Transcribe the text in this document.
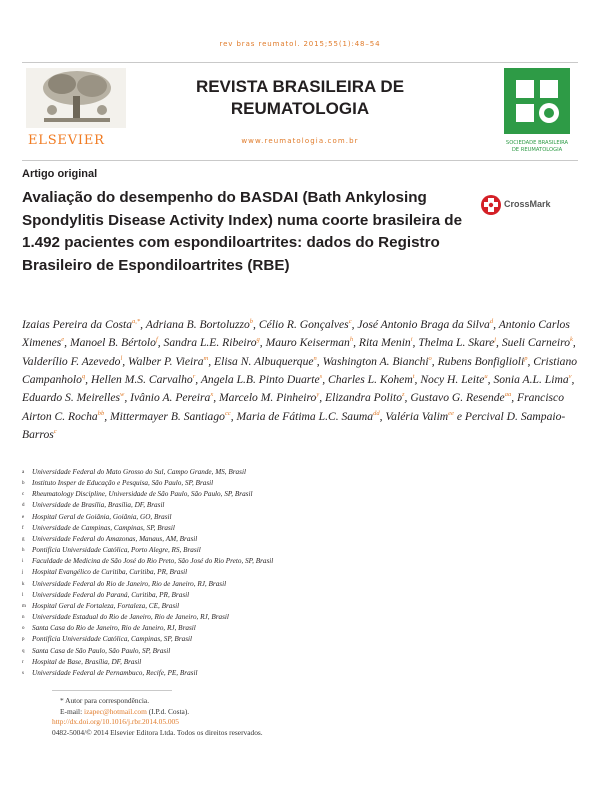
rev bras reumatol. 2015;55(1):48–54
ELSEVIER
REVISTA BRASILEIRA DE REUMATOLOGIA
www.reumatologia.com.br	SOCIEDADE BRASILEIRA
DE REUMATOLOGIA
Artigo original
Avaliação do desempenho do BASDAI (Bath Ankylosing Spondylitis Disease Activity Index) numa coorte brasileira de 1.492 pacientes com espondiloartrites: dados do Registro Brasileiro de Espondiloartrites (RBE)
CrossMark
Izaias Pereira da Costa$^{a,*}$, Adriana B. Bortoluzzo$^b$, Célio R. Gonçalves$^c$, José Antonio Braga da Silva$^d$, Antonio Carlos Ximenes$^e$, Manoel B. Bértolo$^f$, Sandra L.E. Ribeiro$^g$, Mauro Keiserman$^h$, Rita Menin$^i$, Thelma L. Skare$^j$, Sueli Carneiro$^k$, Valderílio F. Azevedo$^l$, Walber P. Vieira$^m$, Elisa N. Albuquerque$^n$, Washington A. Bianchi$^o$, Rubens Bonfiglioli$^p$, Cristiano Campanholo$^q$, Hellen M.S. Carvalho$^r$, Angela L.B. Pinto Duarte$^s$, Charles L. Kohem$^t$, Nocy H. Leite$^u$, Sonia A.L. Lima$^v$, Eduardo S. Meirelles$^w$, Ivânio A. Pereira$^x$, Marcelo M. Pinheiro$^y$, Elizandra Polito$^z$, Gustavo G. Resende$^{aa}$, Francisco Airton C. Rocha$^{bb}$, Mittermayer B. Santiago$^{cc}$, Maria de Fátima L.C. Sauma$^{dd}$, Valéria Valim$^{ee}$ e Percival D. Sampaio-Barros$^c$
a	Universidade Federal do Mato Grosso do Sul, Campo Grande, MS, Brasil
b	Instituto Insper de Educação e Pesquisa, São Paulo, SP, Brasil
c	Rheumatology Discipline, Universidade de São Paulo, São Paulo, SP, Brasil
d	Universidade de Brasília, Brasília, DF, Brasil
e	Hospital Geral de Goiânia, Goiânia, GO, Brasil
f	Universidade de Campinas, Campinas, SP, Brasil
g	Universidade Federal do Amazonas, Manaus, AM, Brasil
h	Pontifícia Universidade Católica, Porto Alegre, RS, Brasil
i	Faculdade de Medicina de São José do Rio Preto, São José do Rio Preto, SP, Brasil
j	Hospital Evangélico de Curitiba, Curitiba, PR, Brasil
k	Universidade Federal do Rio de Janeiro, Rio de Janeiro, RJ, Brasil
l	Universidade Federal do Paraná, Curitiba, PR, Brasil
m Hospital Geral de Fortaleza, Fortaleza, CE, Brasil
n	Universidade Estadual do Rio de Janeiro, Rio de Janeiro, RJ, Brasil
o	Santa Casa do Rio de Janeiro, Rio de Janeiro, RJ, Brasil
p	Pontifícia Universidade Católica, Campinas, SP, Brasil
q	Santa Casa de São Paulo, São Paulo, SP, Brasil
r	Hospital de Base, Brasília, DF, Brasil
s	Universidade Federal de Pernambuco, Recife, PE, Brasil
* Autor para correspondência.
E-mail: izapec@hotmail.com (I.P.d. Costa).
http://dx.doi.org/10.1016/j.rbr.2014.05.005
0482-5004/© 2014 Elsevier Editora Ltda. Todos os direitos reservados.
